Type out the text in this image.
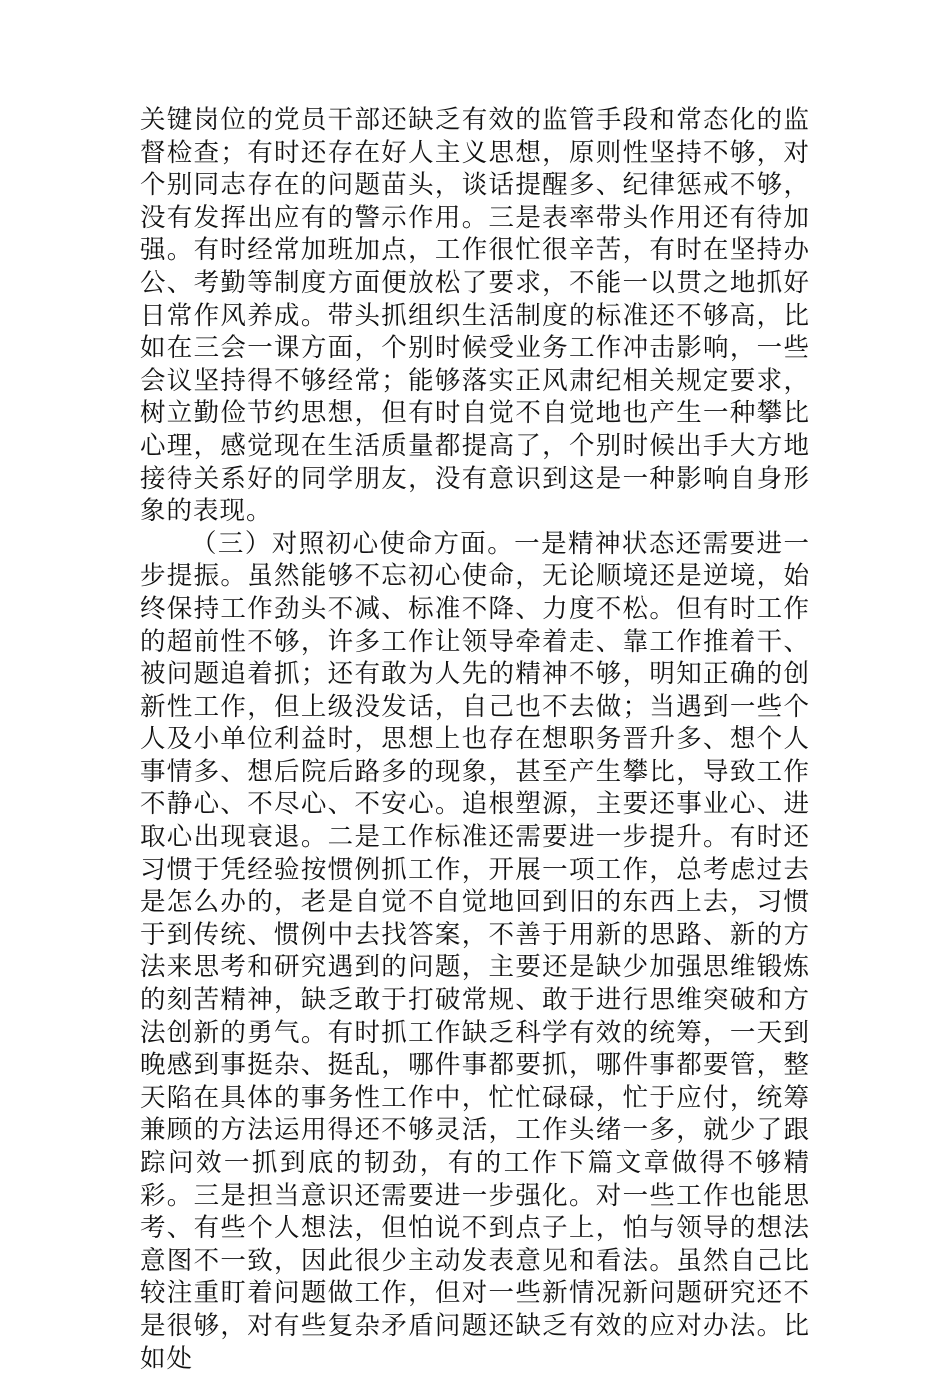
关键岗位的党员干部还缺乏有效的监管手段和常态化的监督检查；有时还存在好人主义思想，原则性坚持不够，对个别同志存在的问题苗头，谈话提醒多、纪律惩戒不够，没有发挥出应有的警示作用。三是表率带头作用还有待加强。有时经常加班加点，工作很忙很辛苦，有时在坚持办公、考勤等制度方面便放松了要求，不能一以贯之地抓好日常作风养成。带头抓组织生活制度的标准还不够高，比如在三会一课方面，个别时候受业务工作冲击影响，一些会议坚持得不够经常；能够落实正风肃纪相关规定要求，树立勤俭节约思想，但有时自觉不自觉地也产生一种攀比心理，感觉现在生活质量都提高了，个别时候出手大方地接待关系好的同学朋友，没有意识到这是一种影响自身形象的表现。

（三）对照初心使命方面。一是精神状态还需要进一步提振。虽然能够不忘初心使命，无论顺境还是逆境，始终保持工作劲头不减、标准不降、力度不松。但有时工作的超前性不够，许多工作让领导牵着走、靠工作推着干、被问题追着抓；还有敢为人先的精神不够，明知正确的创新性工作，但上级没发话，自己也不去做；当遇到一些个人及小单位利益时，思想上也存在想职务晋升多、想个人事情多、想后院后路多的现象，甚至产生攀比，导致工作不静心、不尽心、不安心。追根塑源，主要还事业心、进取心出现衰退。二是工作标准还需要进一步提升。有时还习惯于凭经验按惯例抓工作，开展一项工作，总考虑过去是怎么办的，老是自觉不自觉地回到旧的东西上去，习惯于到传统、惯例中去找答案，不善于用新的思路、新的方法来思考和研究遇到的问题，主要还是缺少加强思维锻炼的刻苦精神，缺乏敢于打破常规、敢于进行思维突破和方法创新的勇气。有时抓工作缺乏科学有效的统筹，一天到晚感到事挺杂、挺乱，哪件事都要抓，哪件事都要管，整天陷在具体的事务性工作中，忙忙碌碌，忙于应付，统筹兼顾的方法运用得还不够灵活，工作头绪一多，就少了跟踪问效一抓到底的韧劲，有的工作下篇文章做得不够精彩。三是担当意识还需要进一步强化。对一些工作也能思考、有些个人想法，但怕说不到点子上，怕与领导的想法意图不一致，因此很少主动发表意见和看法。虽然自己比较注重盯着问题做工作，但对一些新情况新问题研究还不是很够，对有些复杂矛盾问题还缺乏有效的应对办法。比如处
